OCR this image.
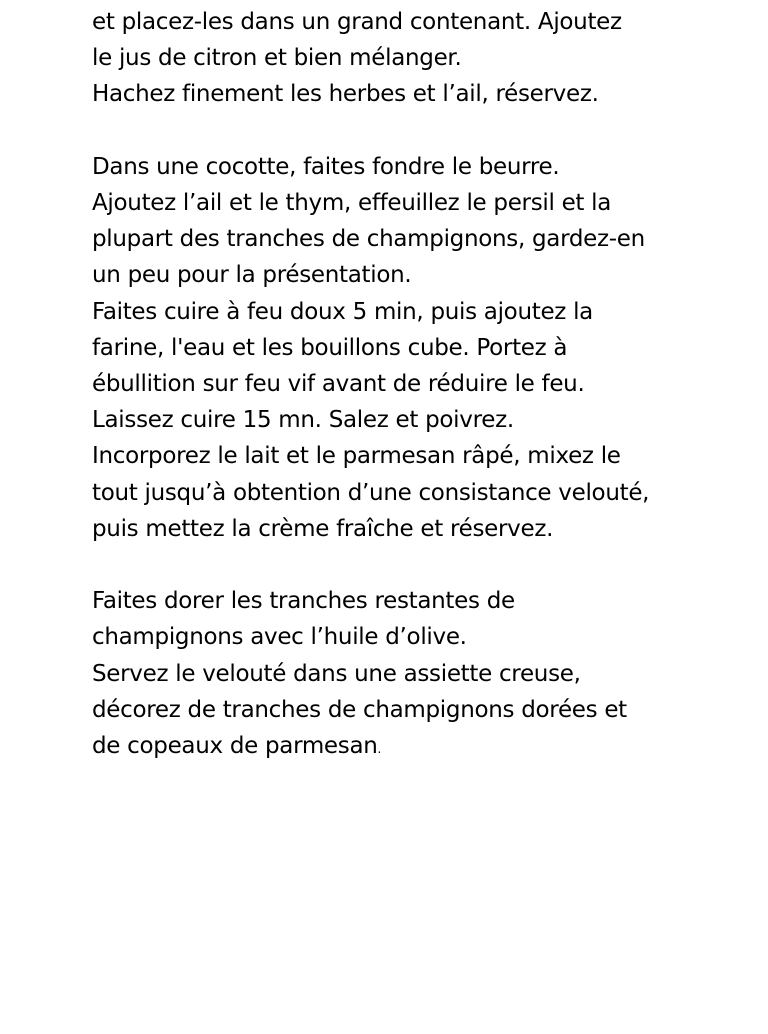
et placez-les dans un grand contenant. Ajoutez
le jus de citron et bien mélanger.
Hachez finement les herbes et l’ail, réservez.
Dans une cocotte, faites fondre le beurre.
Ajoutez l’ail et le thym, effeuillez le persil et la
plupart des tranches de champignons, gardez-en
un peu pour la présentation.
Faites cuire à feu doux 5 min, puis ajoutez la
farine, l'eau et les bouillons cube. Portez à
ébullition sur feu vif avant de réduire le feu.
Laissez cuire 15 mn. Salez et poivrez.
Incorporez le lait et le parmesan râpé, mixez le
tout jusqu’à obtention d’une consistance velouté,
puis mettez la crème fraîche et réservez.
Faites dorer les tranches restantes de
champignons avec l’huile d’olive.
Servez le velouté dans une assiette creuse,
décorez de tranches de champignons dorées et
de copeaux de parmesan.
